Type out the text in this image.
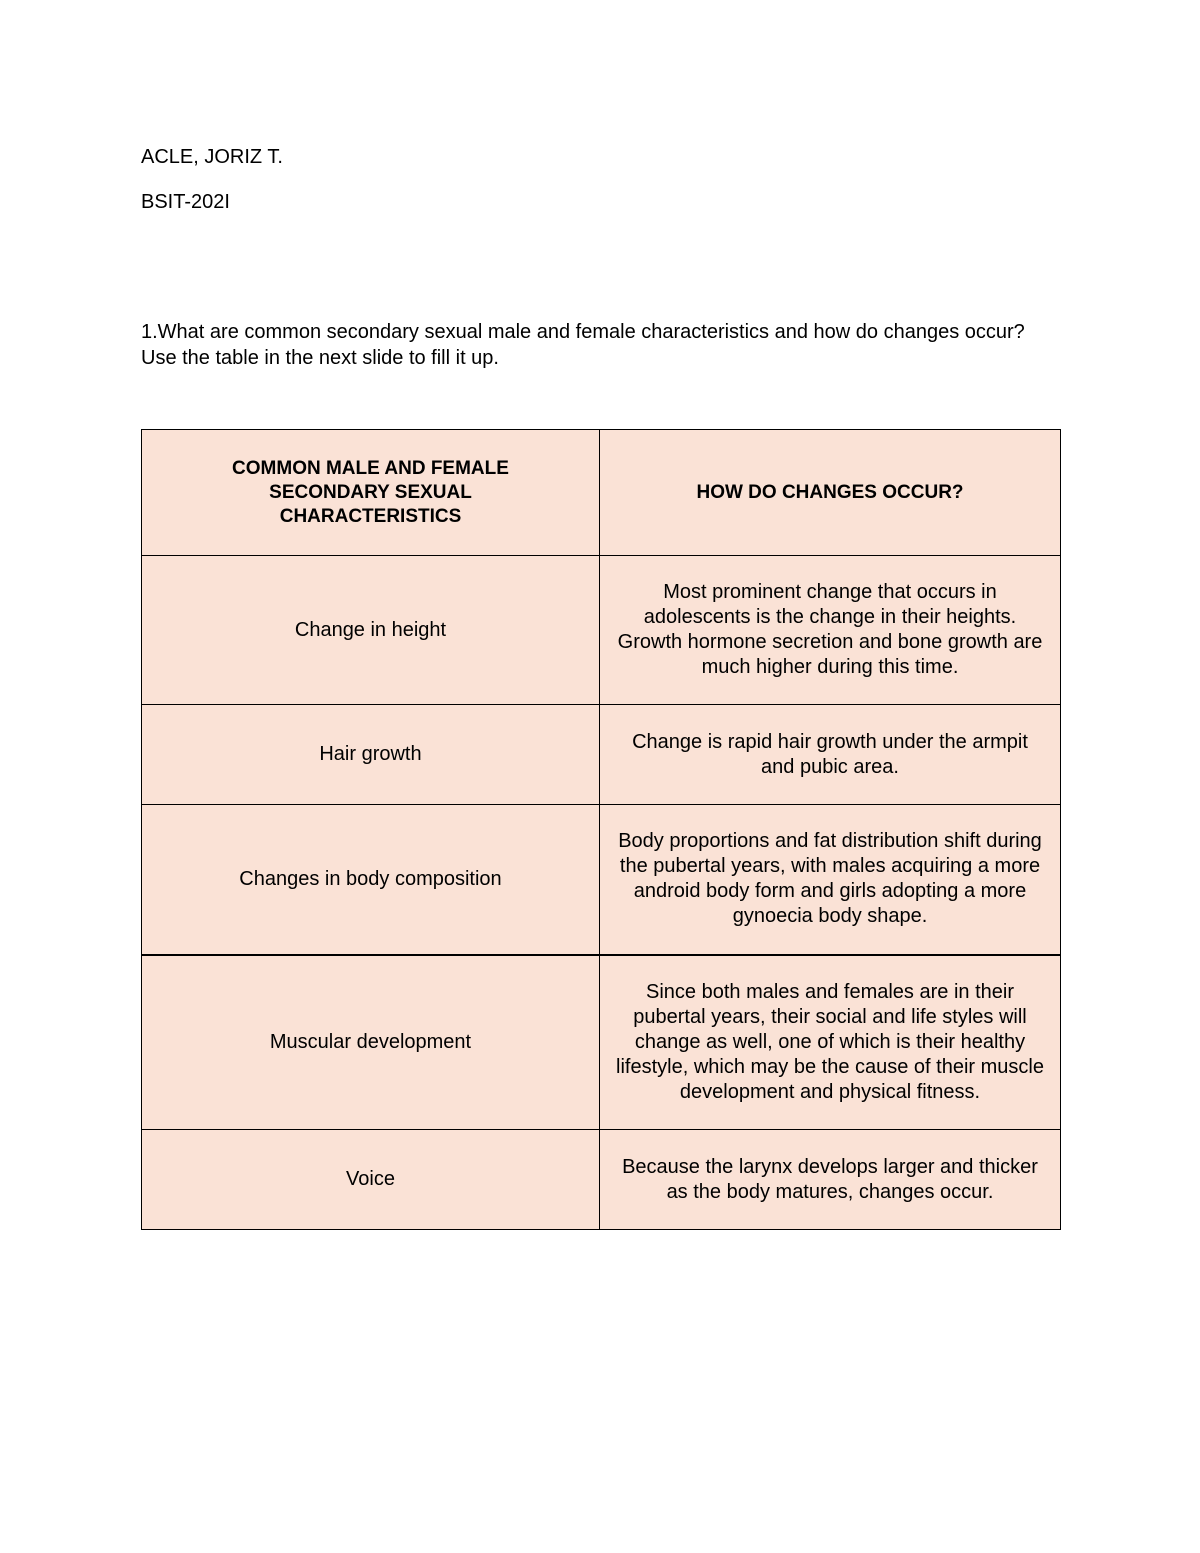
ACLE, JORIZ T.
BSIT-202I
1.What are common secondary sexual male and female characteristics and how do changes occur? Use the table in the next slide to fill it up.
COMMON MALE AND FEMALE SECONDARY SEXUAL CHARACTERISTICS	HOW DO CHANGES OCCUR?
Change in height	Most prominent change that occurs in adolescents is the change in their heights. Growth hormone secretion and bone growth are much higher during this time.
Hair growth	Change is rapid hair growth under the armpit and pubic area.
Changes in body composition	Body proportions and fat distribution shift during the pubertal years, with males acquiring a more android body form and girls adopting a more gynoecia body shape.
Muscular development	Since both males and females are in their pubertal years, their social and life styles will change as well, one of which is their healthy lifestyle, which may be the cause of their muscle development and physical fitness.
Voice	Because the larynx develops larger and thicker as the body matures, changes occur.
